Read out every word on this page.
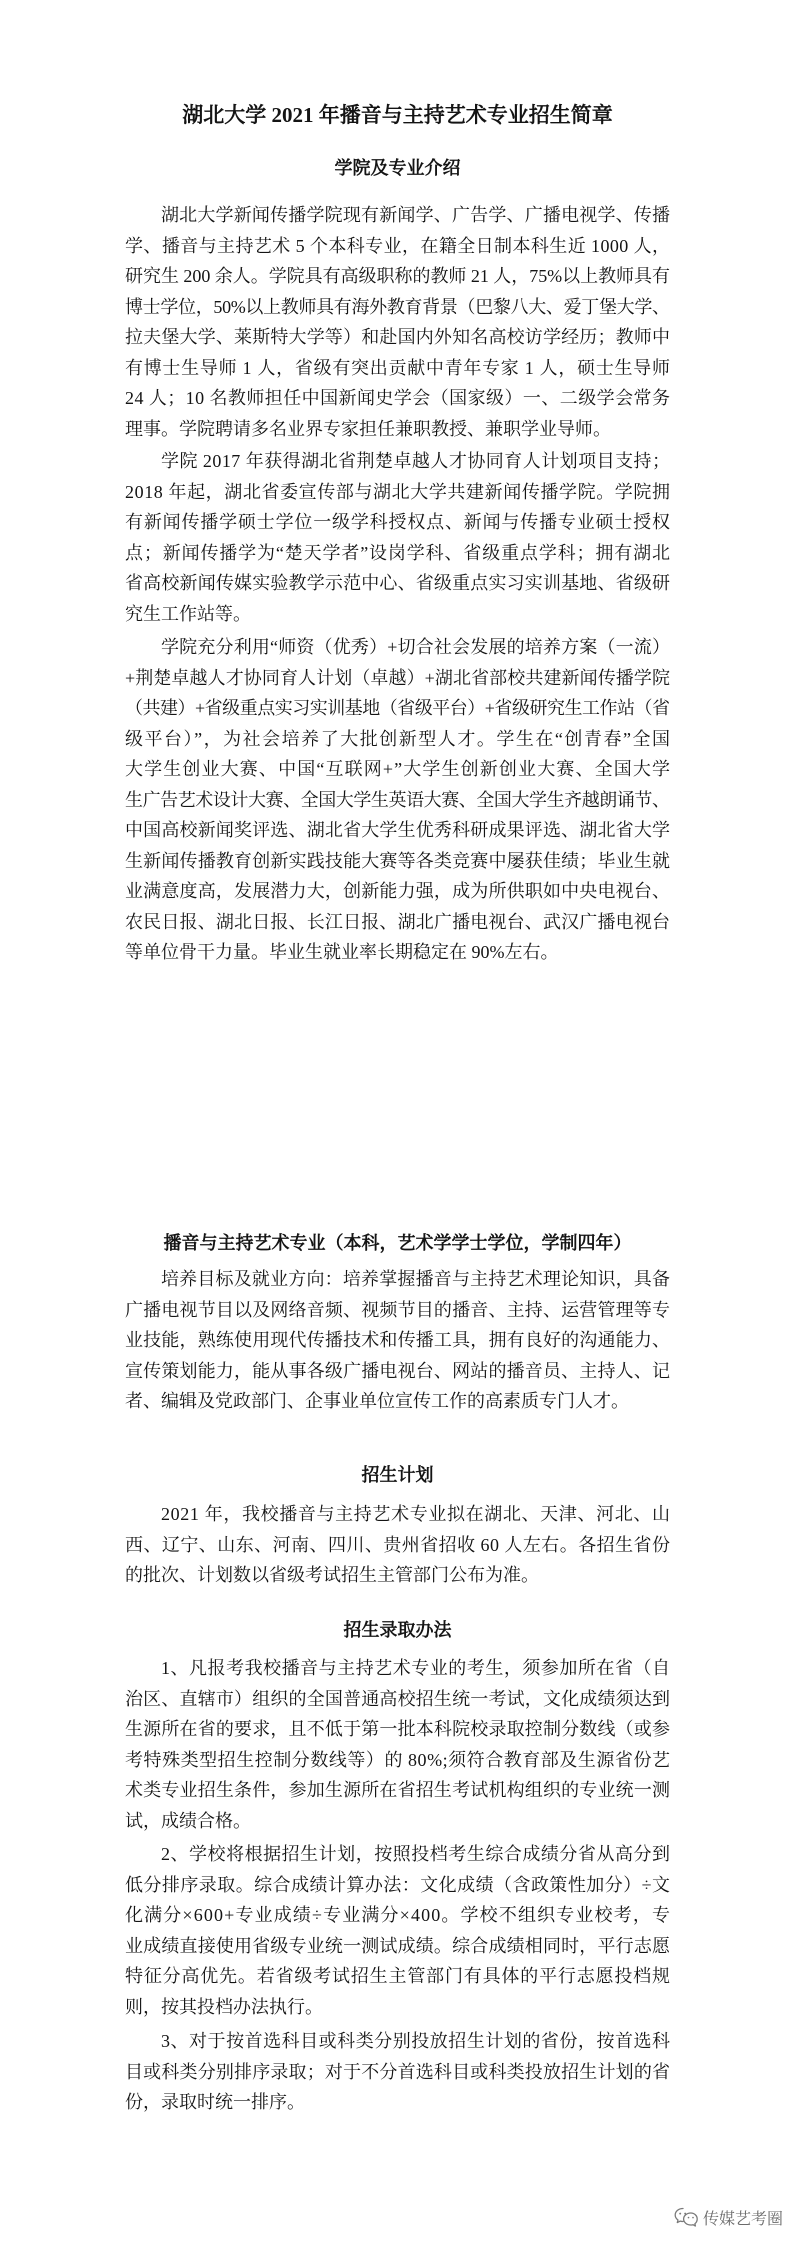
湖北大学 2021 年播音与主持艺术专业招生简章
学院及专业介绍
湖北大学新闻传播学院现有新闻学、广告学、广播电视学、传播
学、播音与主持艺术 5 个本科专业，在籍全日制本科生近 1000 人，
研究生 200 余人。学院具有高级职称的教师 21 人，75%以上教师具有
博士学位，50%以上教师具有海外教育背景（巴黎八大、爱丁堡大学、
拉夫堡大学、莱斯特大学等）和赴国内外知名高校访学经历；教师中
有博士生导师 1 人，省级有突出贡献中青年专家 1 人，硕士生导师
24 人；10 名教师担任中国新闻史学会（国家级）一、二级学会常务
理事。学院聘请多名业界专家担任兼职教授、兼职学业导师。
学院 2017 年获得湖北省荆楚卓越人才协同育人计划项目支持；
2018 年起，湖北省委宣传部与湖北大学共建新闻传播学院。学院拥
有新闻传播学硕士学位一级学科授权点、新闻与传播专业硕士授权
点；新闻传播学为“楚天学者”设岗学科、省级重点学科；拥有湖北
省高校新闻传媒实验教学示范中心、省级重点实习实训基地、省级研
究生工作站等。
学院充分利用“师资（优秀）+切合社会发展的培养方案（一流）
+荆楚卓越人才协同育人计划（卓越）+湖北省部校共建新闻传播学院
（共建）+省级重点实习实训基地（省级平台）+省级研究生工作站（省
级平台）”，为社会培养了大批创新型人才。学生在“创青春”全国
大学生创业大赛、中国“互联网+”大学生创新创业大赛、全国大学
生广告艺术设计大赛、全国大学生英语大赛、全国大学生齐越朗诵节、
中国高校新闻奖评选、湖北省大学生优秀科研成果评选、湖北省大学
生新闻传播教育创新实践技能大赛等各类竞赛中屡获佳绩；毕业生就
业满意度高，发展潜力大，创新能力强，成为所供职如中央电视台、
农民日报、湖北日报、长江日报、湖北广播电视台、武汉广播电视台
等单位骨干力量。毕业生就业率长期稳定在 90%左右。
播音与主持艺术专业（本科，艺术学学士学位，学制四年）
培养目标及就业方向：培养掌握播音与主持艺术理论知识，具备
广播电视节目以及网络音频、视频节目的播音、主持、运营管理等专
业技能，熟练使用现代传播技术和传播工具，拥有良好的沟通能力、
宣传策划能力，能从事各级广播电视台、网站的播音员、主持人、记
者、编辑及党政部门、企事业单位宣传工作的高素质专门人才。
招生计划
2021 年，我校播音与主持艺术专业拟在湖北、天津、河北、山
西、辽宁、山东、河南、四川、贵州省招收 60 人左右。各招生省份
的批次、计划数以省级考试招生主管部门公布为准。
招生录取办法
1、凡报考我校播音与主持艺术专业的考生，须参加所在省（自
治区、直辖市）组织的全国普通高校招生统一考试，文化成绩须达到
生源所在省的要求，且不低于第一批本科院校录取控制分数线（或参
考特殊类型招生控制分数线等）的 80%;须符合教育部及生源省份艺
术类专业招生条件，参加生源所在省招生考试机构组织的专业统一测
试，成绩合格。
2、学校将根据招生计划，按照投档考生综合成绩分省从高分到
低分排序录取。综合成绩计算办法：文化成绩（含政策性加分）÷文
化满分×600+专业成绩÷专业满分×400。学校不组织专业校考，专
业成绩直接使用省级专业统一测试成绩。综合成绩相同时，平行志愿
特征分高优先。若省级考试招生主管部门有具体的平行志愿投档规
则，按其投档办法执行。
3、对于按首选科目或科类分别投放招生计划的省份，按首选科
目或科类分别排序录取；对于不分首选科目或科类投放招生计划的省
份，录取时统一排序。
传媒艺考圈
